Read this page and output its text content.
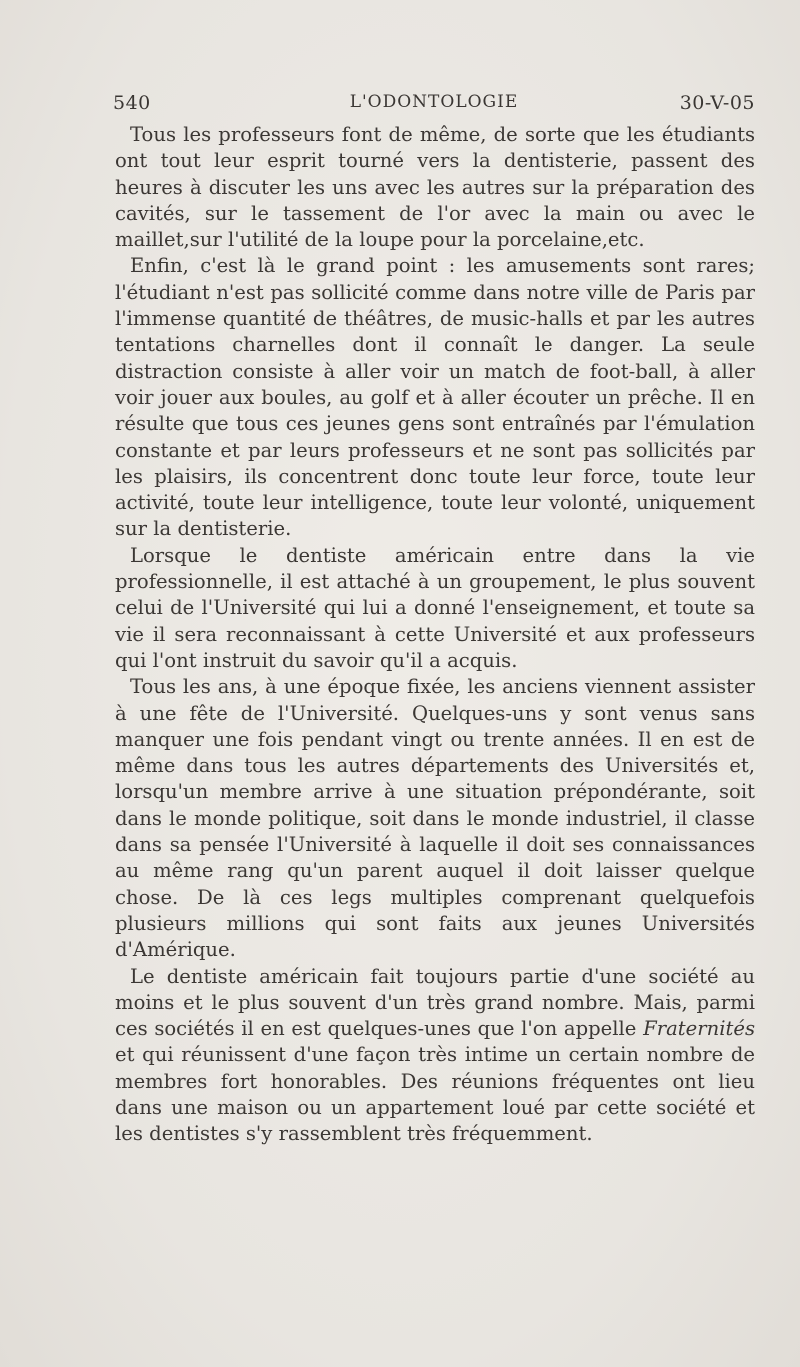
540	L'ODONTOLOGIE	30-V-05

Tous les professeurs font de même, de sorte que les étudiants ont tout leur esprit tourné vers la dentisterie, passent des heures à discuter les uns avec les autres sur la préparation des cavités, sur le tassement de l'or avec la main ou avec le maillet,sur l'utilité de la loupe pour la porcelaine,etc.

Enfin, c'est là le grand point : les amusements sont rares; l'étudiant n'est pas sollicité comme dans notre ville de Paris par l'immense quantité de théâtres, de music-halls et par les autres tentations charnelles dont il connaît le danger. La seule distraction consiste à aller voir un match de foot-ball, à aller voir jouer aux boules, au golf et à aller écouter un prêche. Il en résulte que tous ces jeunes gens sont entraînés par l'émulation constante et par leurs professeurs et ne sont pas sollicités par les plaisirs, ils concentrent donc toute leur force, toute leur activité, toute leur intelligence, toute leur volonté, uniquement sur la dentisterie.

Lorsque le dentiste américain entre dans la vie professionnelle, il est attaché à un groupement, le plus souvent celui de l'Université qui lui a donné l'enseignement, et toute sa vie il sera reconnaissant à cette Université et aux professeurs qui l'ont instruit du savoir qu'il a acquis.

Tous les ans, à une époque fixée, les anciens viennent assister à une fête de l'Université. Quelques-uns y sont venus sans manquer une fois pendant vingt ou trente années. Il en est de même dans tous les autres départements des Universités et, lorsqu'un membre arrive à une situation prépondérante, soit dans le monde politique, soit dans le monde industriel, il classe dans sa pensée l'Université à laquelle il doit ses connaissances au même rang qu'un parent auquel il doit laisser quelque chose. De là ces legs multiples comprenant quelquefois plusieurs millions qui sont faits aux jeunes Universités d'Amérique.

Le dentiste américain fait toujours partie d'une société au moins et le plus souvent d'un très grand nombre. Mais, parmi ces sociétés il en est quelques-unes que l'on appelle Fraternités et qui réunissent d'une façon très intime un certain nombre de membres fort honorables. Des réunions fréquentes ont lieu dans une maison ou un appartement loué par cette société et les dentistes s'y rassemblent très fréquemment.
